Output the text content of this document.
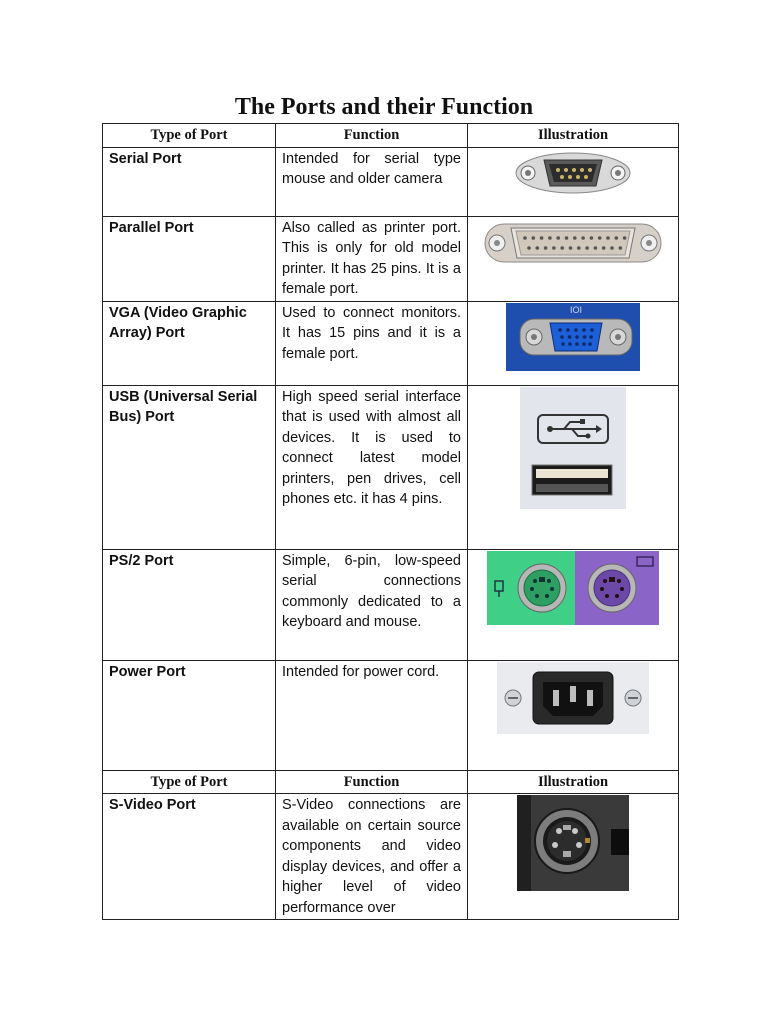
The Ports and their Function
Type of Port	Function	Illustration
Serial Port	Intended for serial type mouse and older camera	

Parallel Port	Also called as printer port. This is only for old model printer. It has 25 pins. It is a female port.	

VGA (Video Graphic Array) Port	Used to connect monitors. It has 15 pins and it is a female port.	IOI

USB (Universal Serial Bus) Port	High speed serial interface that is used with almost all devices. It is used to connect latest model printers, pen drives, cell phones etc. it has 4 pins.	

PS/2 Port	Simple, 6-pin, low-speed serial connections commonly dedicated to a keyboard and mouse.	

Power Port	Intended for power cord.	

Type of Port	Function	Illustration
S-Video Port	S-Video connections are available on certain source components and video display devices, and offer a higher level of video performance over	
